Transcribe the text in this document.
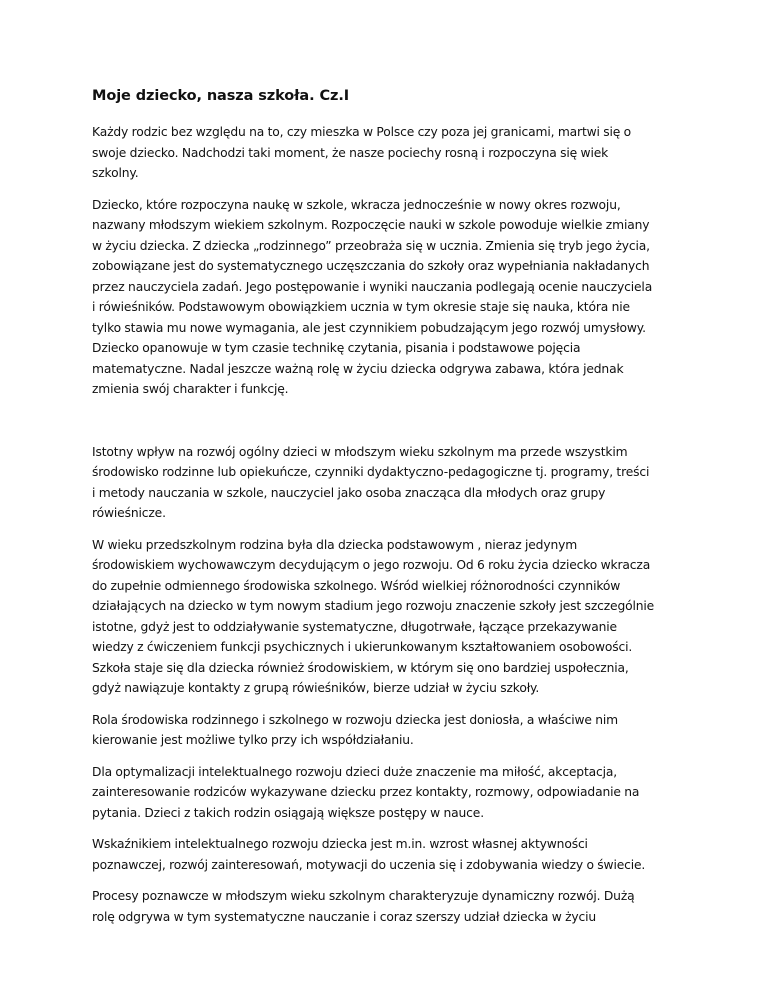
Moje dziecko, nasza szkoła. Cz.I

Każdy rodzic bez względu na to, czy mieszka w Polsce czy poza jej granicami, martwi się o
swoje dziecko. Nadchodzi taki moment, że nasze pociechy rosną i rozpoczyna się wiek
szkolny.

Dziecko, które rozpoczyna naukę w szkole, wkracza jednocześnie w nowy okres rozwoju,
nazwany młodszym wiekiem szkolnym. Rozpoczęcie nauki w szkole powoduje wielkie zmiany
w życiu dziecka. Z dziecka „rodzinnego” przeobraża się w ucznia. Zmienia się tryb jego życia,
zobowiązane jest do systematycznego uczęszczania do szkoły oraz wypełniania nakładanych
przez nauczyciela zadań. Jego postępowanie i wyniki nauczania podlegają ocenie nauczyciela
i rówieśników. Podstawowym obowiązkiem ucznia w tym okresie staje się nauka, która nie
tylko stawia mu nowe wymagania, ale jest czynnikiem pobudzającym jego rozwój umysłowy.
Dziecko opanowuje w tym czasie technikę czytania, pisania i podstawowe pojęcia
matematyczne. Nadal jeszcze ważną rolę w życiu dziecka odgrywa zabawa, która jednak
zmienia swój charakter i funkcję.

Istotny wpływ na rozwój ogólny dzieci w młodszym wieku szkolnym ma przede wszystkim
środowisko rodzinne lub opiekuńcze, czynniki dydaktyczno-pedagogiczne tj. programy, treści
i metody nauczania w szkole, nauczyciel jako osoba znacząca dla młodych oraz grupy
rówieśnicze.

W wieku przedszkolnym rodzina była dla dziecka podstawowym , nieraz jedynym
środowiskiem wychowawczym decydującym o jego rozwoju. Od 6 roku życia dziecko wkracza
do zupełnie odmiennego środowiska szkolnego. Wśród wielkiej różnorodności czynników
działających na dziecko w tym nowym stadium jego rozwoju znaczenie szkoły jest szczególnie
istotne, gdyż jest to oddziaływanie systematyczne, długotrwałe, łączące przekazywanie
wiedzy z ćwiczeniem funkcji psychicznych i ukierunkowanym kształtowaniem osobowości.
Szkoła staje się dla dziecka również środowiskiem, w którym się ono bardziej uspołecznia,
gdyż nawiązuje kontakty z grupą rówieśników, bierze udział w życiu szkoły.

Rola środowiska rodzinnego i szkolnego w rozwoju dziecka jest doniosła, a właściwe nim
kierowanie jest możliwe tylko przy ich współdziałaniu.

Dla optymalizacji intelektualnego rozwoju dzieci duże znaczenie ma miłość, akceptacja,
zainteresowanie rodziców wykazywane dziecku przez kontakty, rozmowy, odpowiadanie na
pytania. Dzieci z takich rodzin osiągają większe postępy w nauce.

Wskaźnikiem intelektualnego rozwoju dziecka jest m.in. wzrost własnej aktywności
poznawczej, rozwój zainteresowań, motywacji do uczenia się i zdobywania wiedzy o świecie.

Procesy poznawcze w młodszym wieku szkolnym charakteryzuje dynamiczny rozwój. Dużą
rolę odgrywa w tym systematyczne nauczanie i coraz szerszy udział dziecka w życiu
